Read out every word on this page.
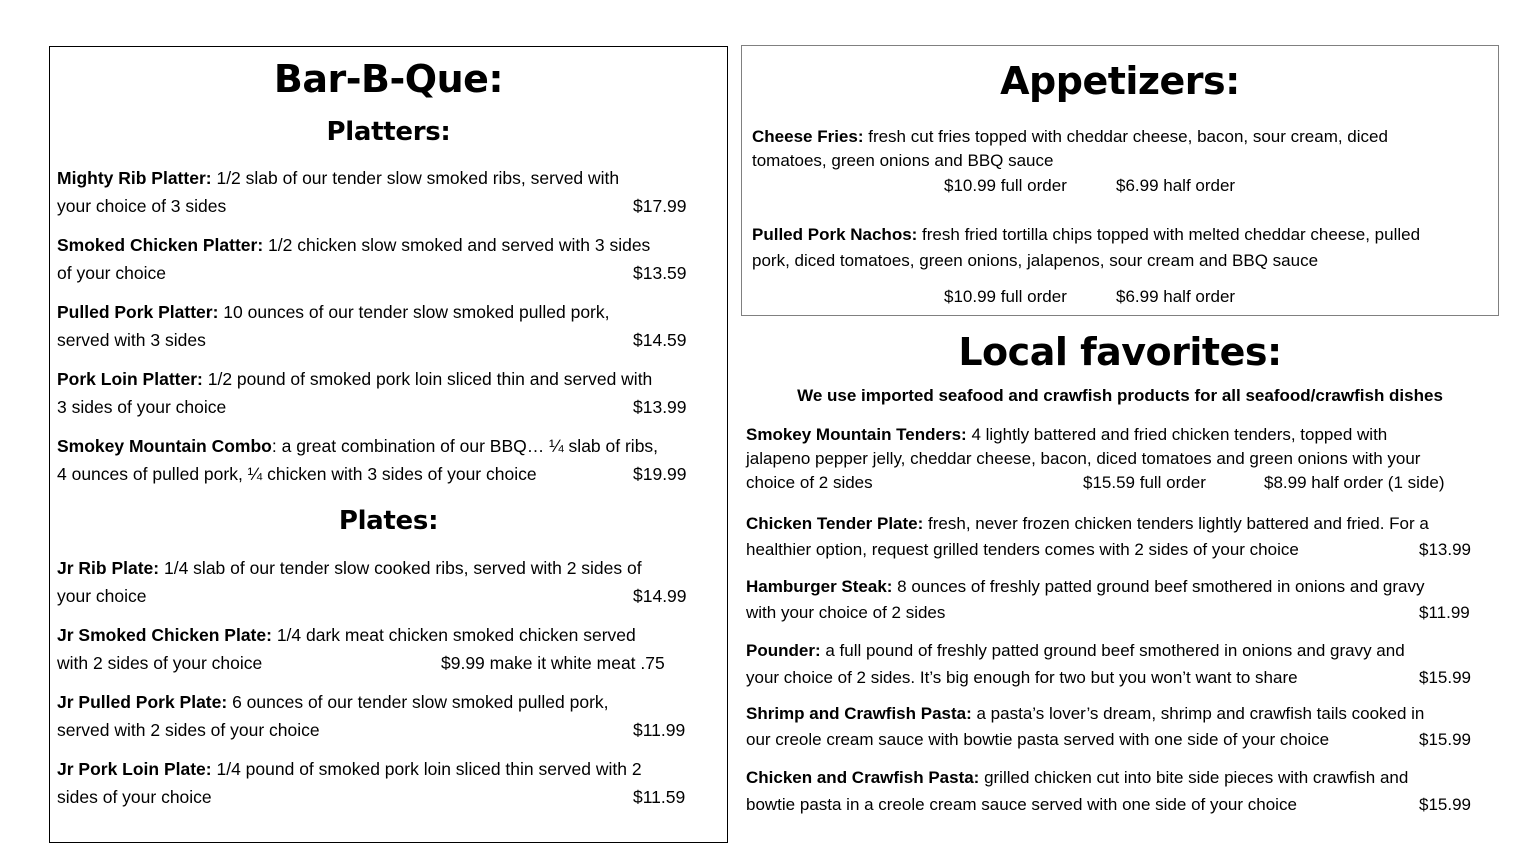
Bar-B-Que:
Platters:
Mighty Rib Platter: 1/2 slab of our tender slow smoked ribs, served with
your choice of 3 sides	$17.99
Smoked Chicken Platter: 1/2 chicken slow smoked and served with 3 sides
of your choice	$13.59
Pulled Pork Platter: 10 ounces of our tender slow smoked pulled pork,
served with 3 sides	$14.59
Pork Loin Platter: 1/2 pound of smoked pork loin sliced thin and served with
3 sides of your choice	$13.99
Smokey Mountain Combo: a great combination of our BBQ… ¼ slab of ribs,
4 ounces of pulled pork, ¼ chicken with 3 sides of your choice	$19.99
Plates:
Jr Rib Plate: 1/4 slab of our tender slow cooked ribs, served with 2 sides of
your choice	$14.99
Jr Smoked Chicken Plate: 1/4 dark meat chicken smoked chicken served
with 2 sides of your choice	$9.99 make it white meat .75
Jr Pulled Pork Plate: 6 ounces of our tender slow smoked pulled pork,
served with 2 sides of your choice	$11.99
Jr Pork Loin Plate: 1/4 pound of smoked pork loin sliced thin served with 2
sides of your choice	$11.59
Appetizers:
Cheese Fries: fresh cut fries topped with cheddar cheese, bacon, sour cream, diced
tomatoes, green onions and BBQ sauce
$10.99 full order	$6.99 half order
Pulled Pork Nachos: fresh fried tortilla chips topped with melted cheddar cheese, pulled
pork, diced tomatoes, green onions, jalapenos, sour cream and BBQ sauce
$10.99 full order	$6.99 half order
Local favorites:
We use imported seafood and crawfish products for all seafood/crawfish dishes
Smokey Mountain Tenders: 4 lightly battered and fried chicken tenders, topped with
jalapeno pepper jelly, cheddar cheese, bacon, diced tomatoes and green onions with your
choice of 2 sides	$15.59 full order	$8.99 half order (1 side)
Chicken Tender Plate: fresh, never frozen chicken tenders lightly battered and fried. For a
healthier option, request grilled tenders comes with 2 sides of your choice	$13.99
Hamburger Steak: 8 ounces of freshly patted ground beef smothered in onions and gravy
with your choice of 2 sides	$11.99
Pounder: a full pound of freshly patted ground beef smothered in onions and gravy and
your choice of 2 sides. It’s big enough for two but you won’t want to share	$15.99
Shrimp and Crawfish Pasta: a pasta’s lover’s dream, shrimp and crawfish tails cooked in
our creole cream sauce with bowtie pasta served with one side of your choice	$15.99
Chicken and Crawfish Pasta: grilled chicken cut into bite side pieces with crawfish and
bowtie pasta in a creole cream sauce served with one side of your choice	$15.99
